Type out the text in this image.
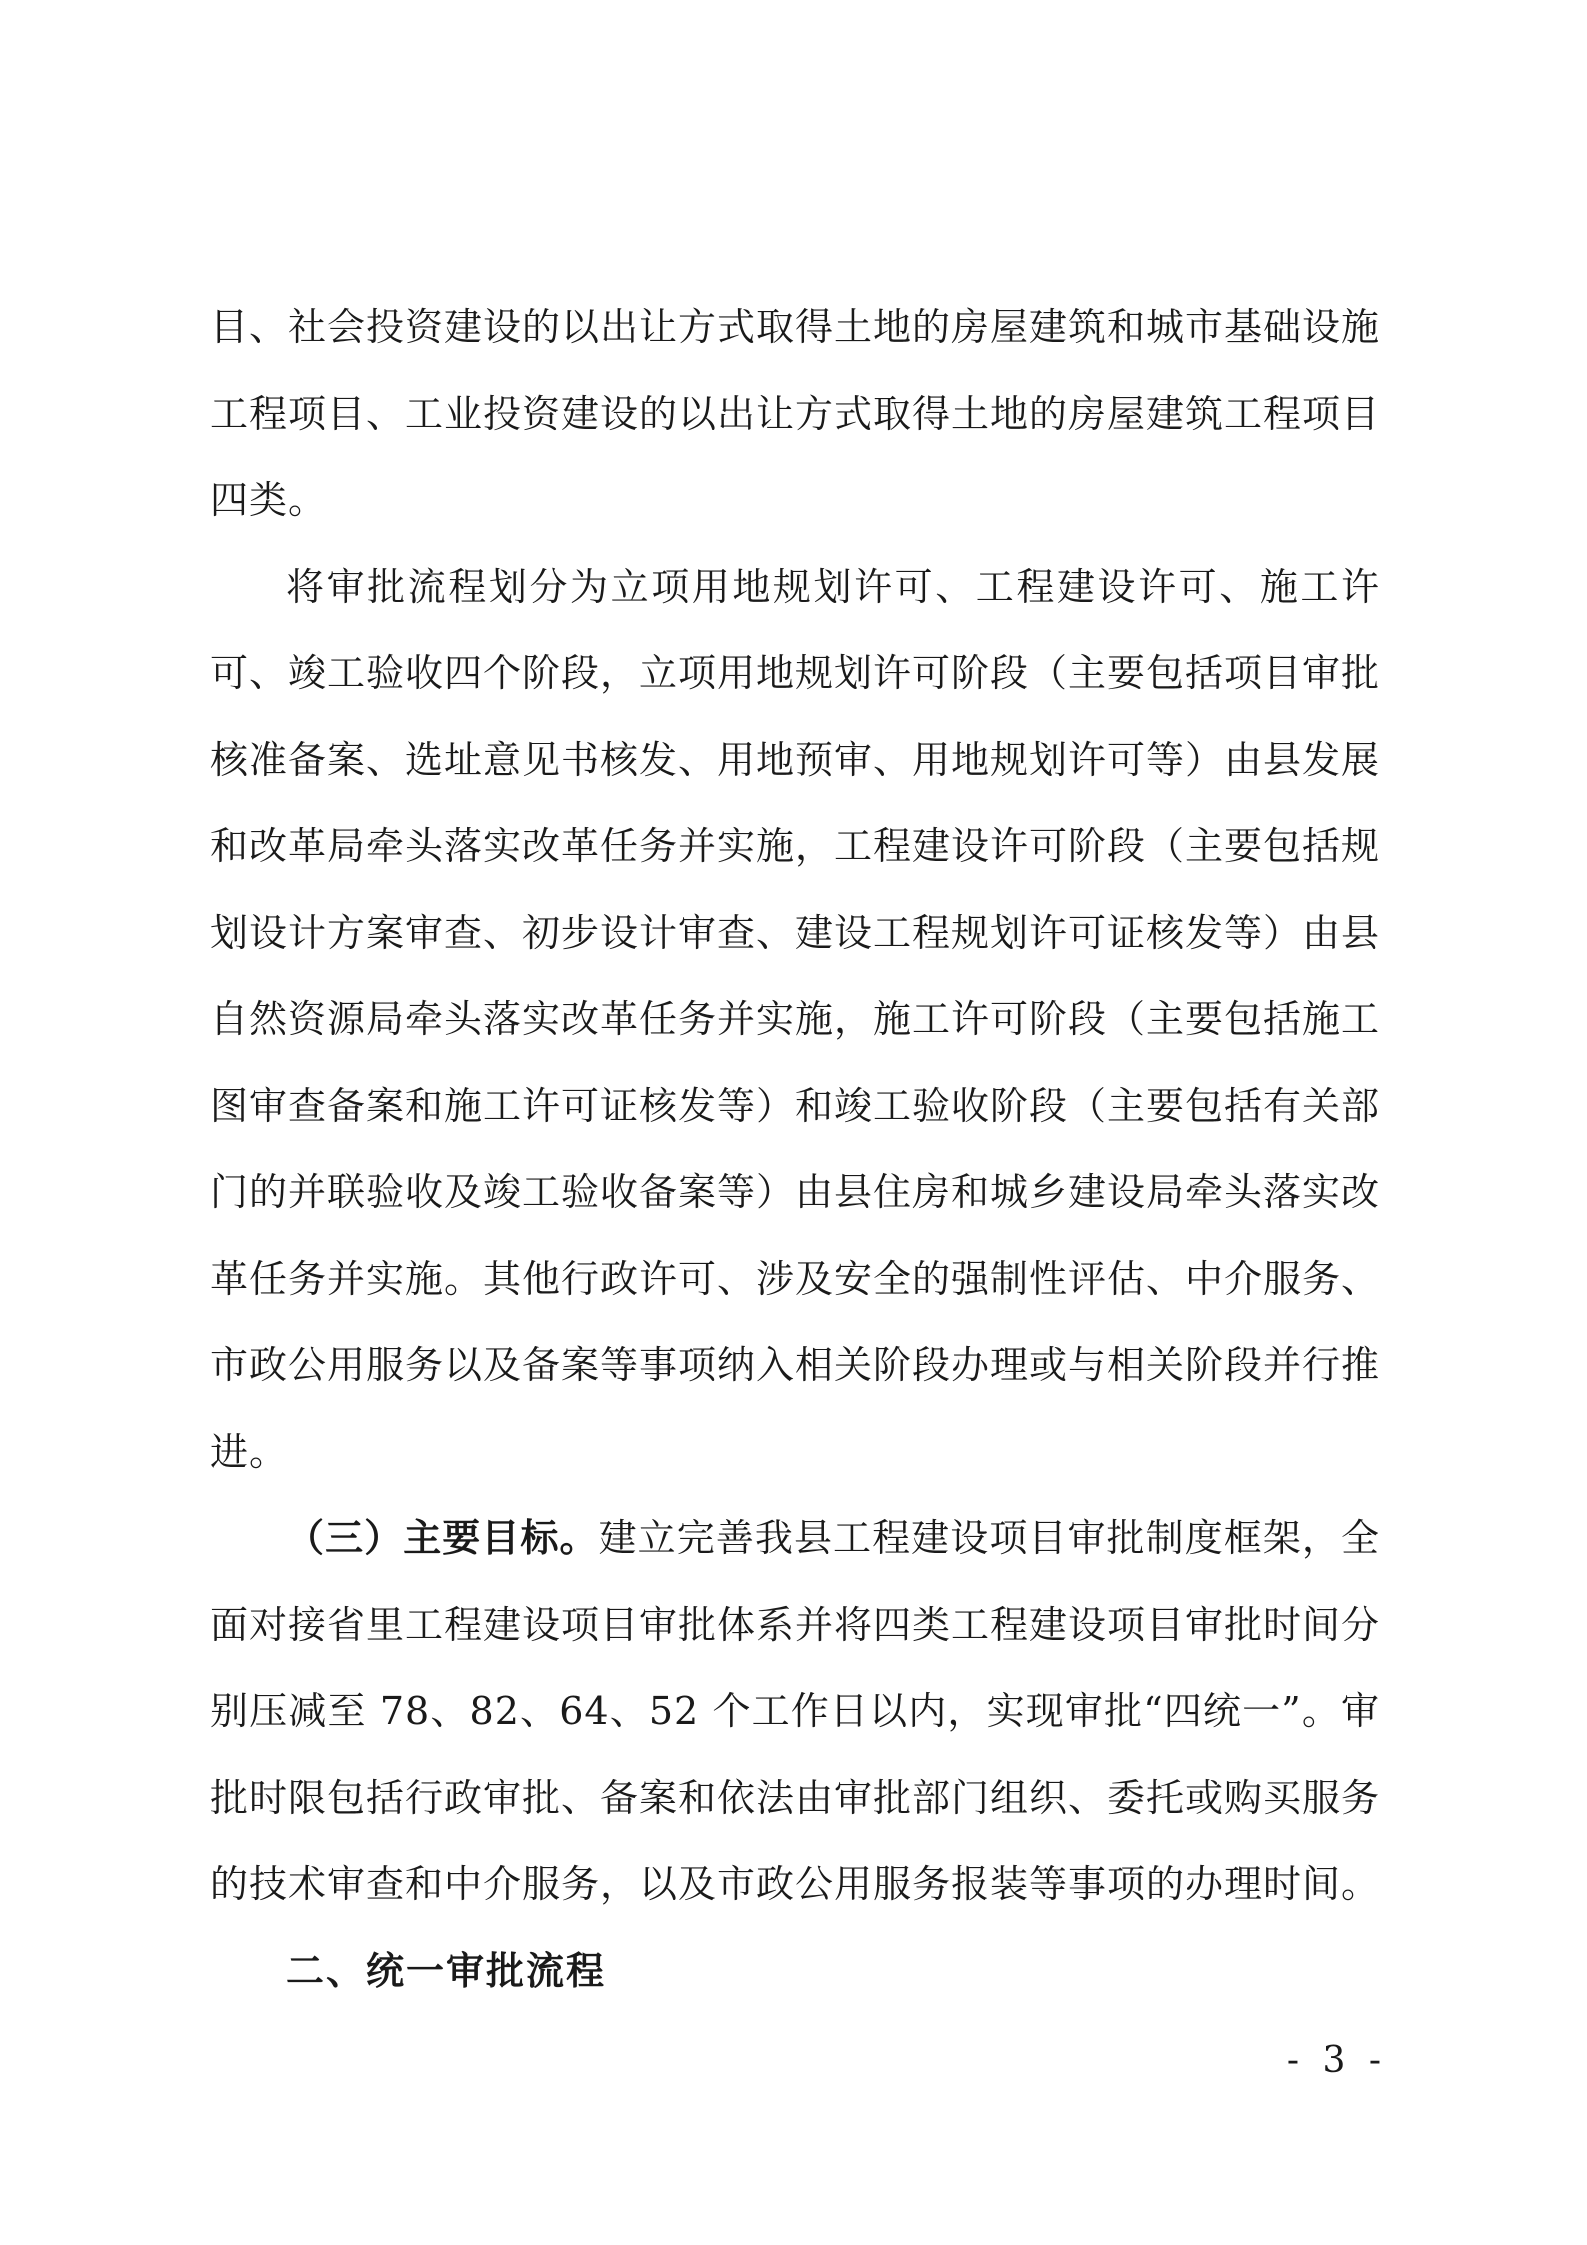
目、社会投资建设的以出让方式取得土地的房屋建筑和城市基础设施工程项目、工业投资建设的以出让方式取得土地的房屋建筑工程项目四类。

将审批流程划分为立项用地规划许可、工程建设许可、施工许可、竣工验收四个阶段，立项用地规划许可阶段（主要包括项目审批核准备案、选址意见书核发、用地预审、用地规划许可等）由县发展和改革局牵头落实改革任务并实施，工程建设许可阶段（主要包括规划设计方案审查、初步设计审查、建设工程规划许可证核发等）由县自然资源局牵头落实改革任务并实施，施工许可阶段（主要包括施工图审查备案和施工许可证核发等）和竣工验收阶段（主要包括有关部门的并联验收及竣工验收备案等）由县住房和城乡建设局牵头落实改革任务并实施。其他行政许可、涉及安全的强制性评估、中介服务、市政公用服务以及备案等事项纳入相关阶段办理或与相关阶段并行推进。

（三）主要目标。建立完善我县工程建设项目审批制度框架，全面对接省里工程建设项目审批体系并将四类工程建设项目审批时间分别压减至 78、82、64、52 个工作日以内，实现审批“四统一”。审批时限包括行政审批、备案和依法由审批部门组织、委托或购买服务的技术审查和中介服务，以及市政公用服务报装等事项的办理时间。

二、统一审批流程

- 3 -
